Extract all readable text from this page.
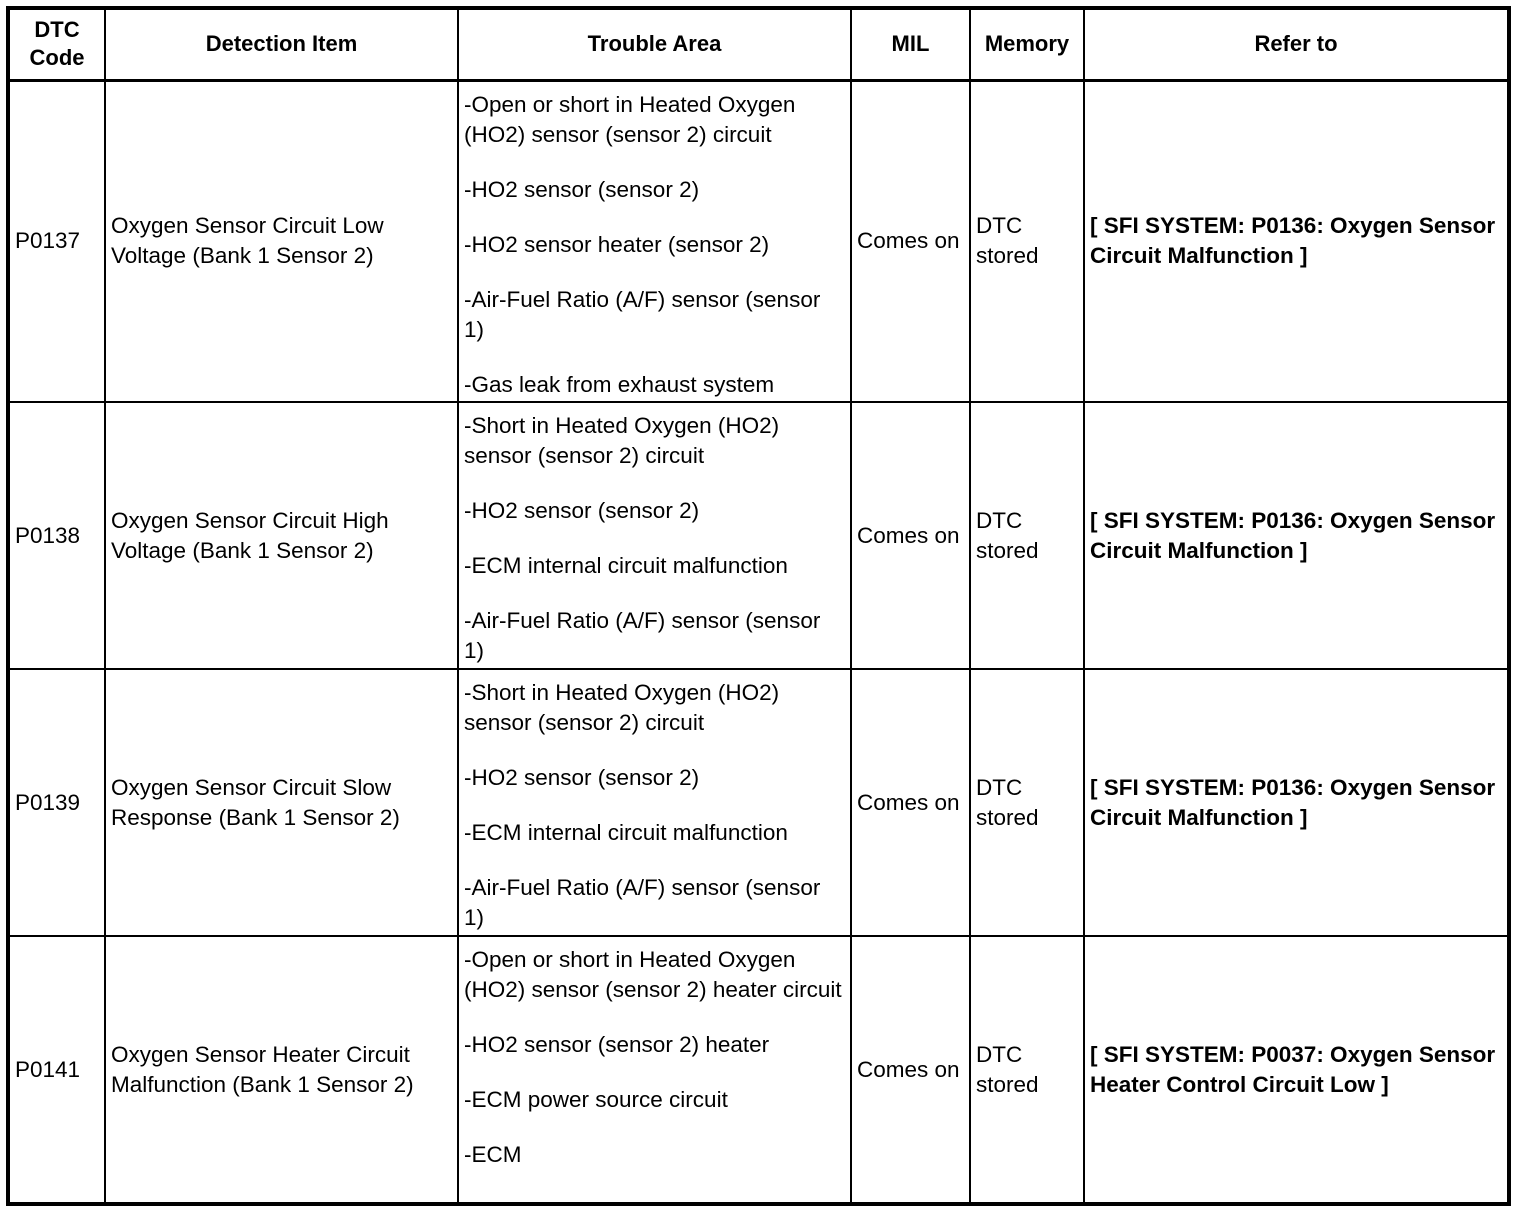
DTC Code	Detection Item	Trouble Area	MIL	Memory	Refer to
P0137	Oxygen Sensor Circuit Low Voltage (Bank 1 Sensor 2)	-Open or short in Heated Oxygen (HO2) sensor (sensor 2) circuit
-HO2 sensor (sensor 2)
-HO2 sensor heater (sensor 2)
-Air-Fuel Ratio (A/F) sensor (sensor 1)
-Gas leak from exhaust system	Comes on	DTC stored	[ SFI SYSTEM: P0136: Oxygen Sensor Circuit Malfunction ]
P0138	Oxygen Sensor Circuit High Voltage (Bank 1 Sensor 2)	-Short in Heated Oxygen (HO2) sensor (sensor 2) circuit
-HO2 sensor (sensor 2)
-ECM internal circuit malfunction
-Air-Fuel Ratio (A/F) sensor (sensor 1)	Comes on	DTC stored	[ SFI SYSTEM: P0136: Oxygen Sensor Circuit Malfunction ]
P0139	Oxygen Sensor Circuit Slow Response (Bank 1 Sensor 2)	-Short in Heated Oxygen (HO2) sensor (sensor 2) circuit
-HO2 sensor (sensor 2)
-ECM internal circuit malfunction
-Air-Fuel Ratio (A/F) sensor (sensor 1)	Comes on	DTC stored	[ SFI SYSTEM: P0136: Oxygen Sensor Circuit Malfunction ]
P0141	Oxygen Sensor Heater Circuit Malfunction (Bank 1 Sensor 2)	-Open or short in Heated Oxygen (HO2) sensor (sensor 2) heater circuit
-HO2 sensor (sensor 2) heater
-ECM power source circuit
-ECM	Comes on	DTC stored	[ SFI SYSTEM: P0037: Oxygen Sensor Heater Control Circuit Low ]
